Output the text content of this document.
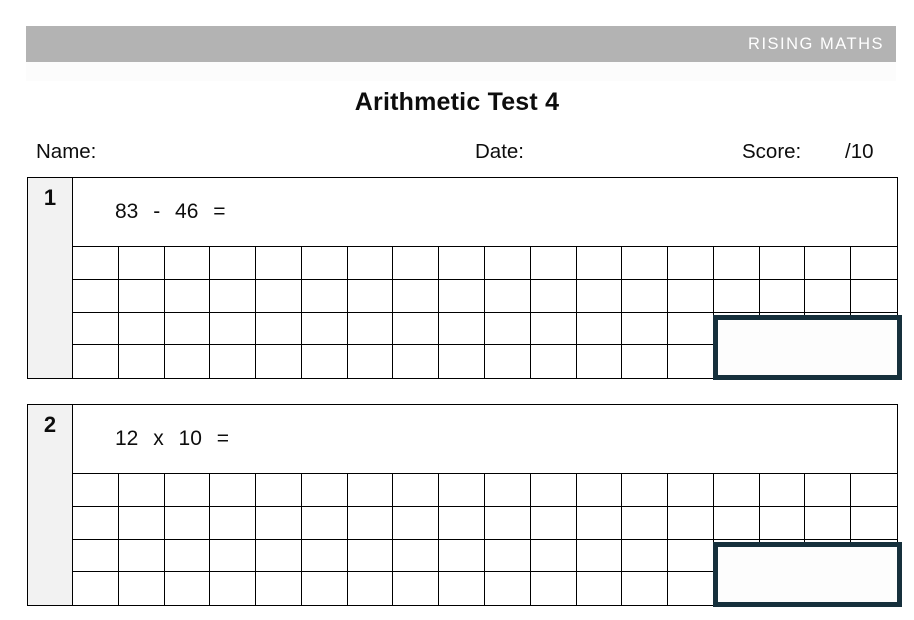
RISING MATHS
Arithmetic Test 4
Name:	Date:	Score: /10
1
83 - 46 =
2
12 x 10 =
